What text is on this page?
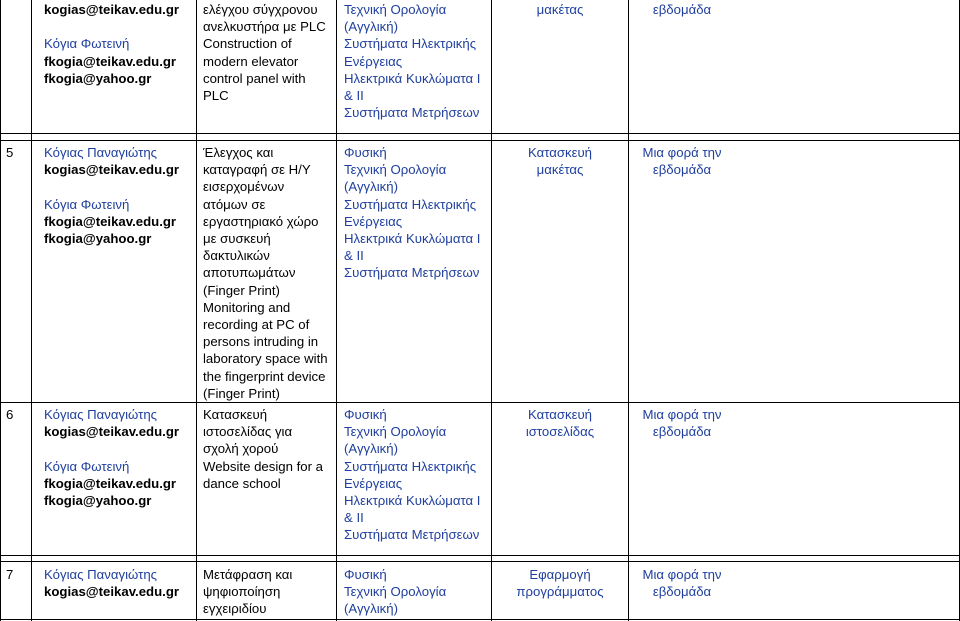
kogias@teikav.edu.gr

Κόγια Φωτεινή
fkogia@teikav.edu.gr
fkogia@yahoo.gr
ελέγχου σύγχρονου
ανελκυστήρα με PLC
Construction of
modern elevator
control panel with
PLC
Τεχνική Ορολογία
(Αγγλική)
Συστήματα Ηλεκτρικής
Ενέργειας
Ηλεκτρικά Κυκλώματα Ι
& ΙΙ
Συστήματα Μετρήσεων
μακέτας	εβδομάδα
5 Κόγιας Παναγιώτης
kogias@teikav.edu.gr

Κόγια Φωτεινή
fkogia@teikav.edu.gr
fkogia@yahoo.gr
Έλεγχος και
καταγραφή σε Η/Υ
εισερχομένων
ατόμων σε
εργαστηριακό χώρο
με συσκευή
δακτυλικών
αποτυπωμάτων
(Finger Print)
Monitoring and
recording at PC of
persons intruding in
laboratory space with
the fingerprint device
(Finger Print)
Φυσική
Τεχνική Ορολογία
(Αγγλική)
Συστήματα Ηλεκτρικής
Ενέργειας
Ηλεκτρικά Κυκλώματα Ι
& ΙΙ
Συστήματα Μετρήσεων
Κατασκευή
μακέτας
Μια φορά την
εβδομάδα
6 Κόγιας Παναγιώτης
kogias@teikav.edu.gr

Κόγια Φωτεινή
fkogia@teikav.edu.gr
fkogia@yahoo.gr
Κατασκευή
ιστοσελίδας για
σχολή χορού
Website design for a
dance school
Φυσική
Τεχνική Ορολογία
(Αγγλική)
Συστήματα Ηλεκτρικής
Ενέργειας
Ηλεκτρικά Κυκλώματα Ι
& ΙΙ
Συστήματα Μετρήσεων
Κατασκευή
ιστοσελίδας
Μια φορά την
εβδομάδα
7 Κόγιας Παναγιώτης
kogias@teikav.edu.gr
Μετάφραση και
ψηφιοποίηση
εγχειριδίου
Φυσική
Τεχνική Ορολογία
(Αγγλική)
Εφαρμογή
προγράμματος
Μια φορά την
εβδομάδα
